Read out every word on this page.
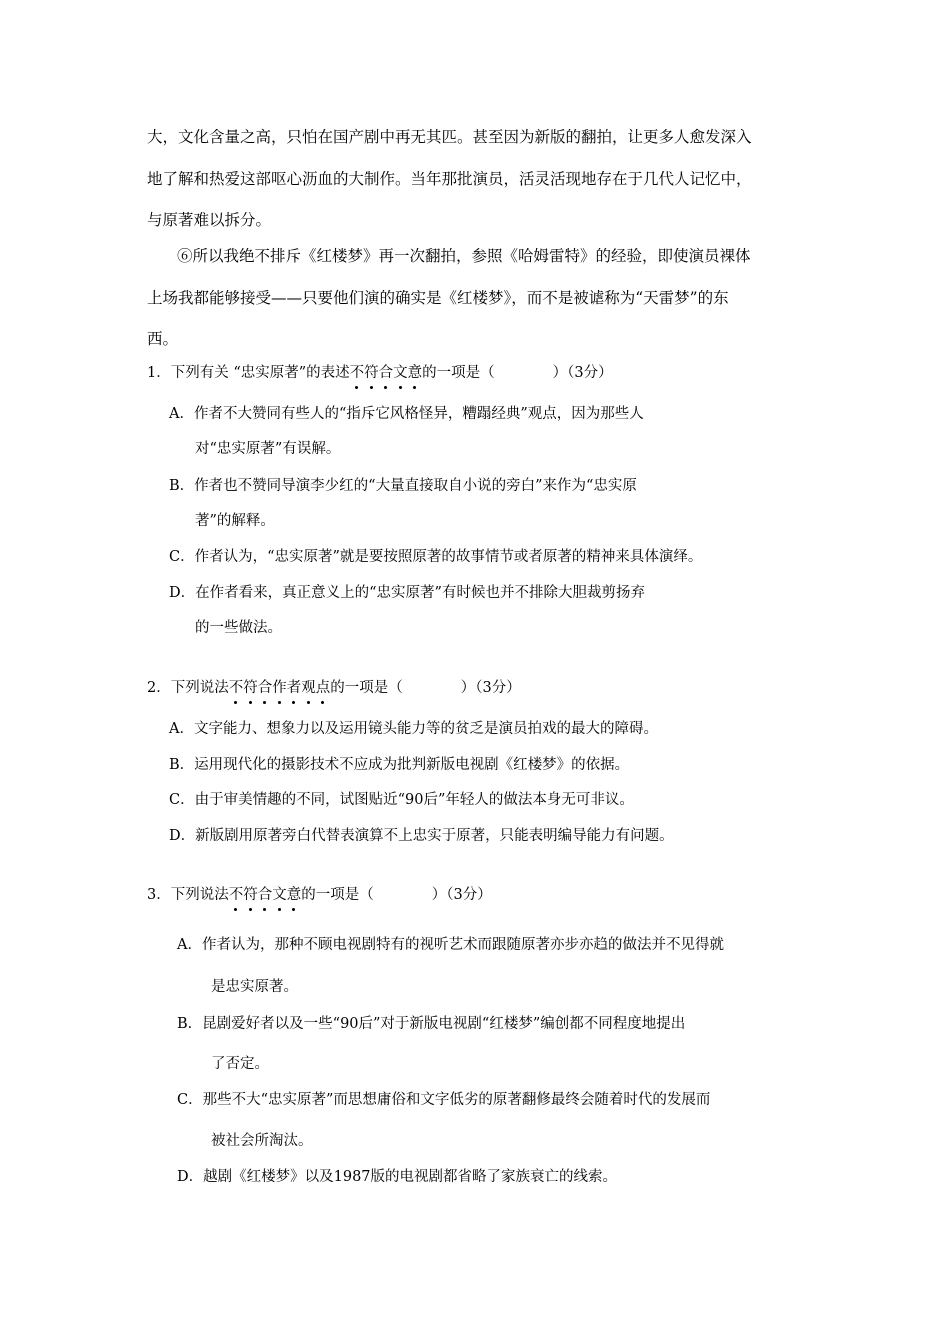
大，文化含量之高，只怕在国产剧中再无其匹。甚至因为新版的翻拍，让更多人愈发深入
地了解和热爱这部呕心沥血的大制作。当年那批演员，活灵活现地存在于几代人记忆中，
与原著难以拆分。
⑥所以我绝不排斥《红楼梦》再一次翻拍，参照《哈姆雷特》的经验，即使演员裸体
上场我都能够接受——只要他们演的确实是《红楼梦》，而不是被谑称为“天雷梦”的东
西。
1．下列有关 “忠实原著”的表述不符合文意的一项是（	）（3分）
A．作者不大赞同有些人的“指斥它风格怪异，糟蹋经典”观点，因为那些人
对“忠实原著”有误解。
B．作者也不赞同导演李少红的“大量直接取自小说的旁白”来作为“忠实原
著”的解释。
C．作者认为，“忠实原著”就是要按照原著的故事情节或者原著的精神来具体演绎。
D．在作者看来，真正意义上的“忠实原著”有时候也并不排除大胆裁剪扬弃
的一些做法。
2．下列说法不符合作者观点的一项是（	）（3分）
A．文字能力、想象力以及运用镜头能力等的贫乏是演员拍戏的最大的障碍。
B．运用现代化的摄影技术不应成为批判新版电视剧《红楼梦》的依据。
C．由于审美情趣的不同，试图贴近“90后”年轻人的做法本身无可非议。
D．新版剧用原著旁白代替表演算不上忠实于原著，只能表明编导能力有问题。
3．下列说法不符合文意的一项是（	）（3分）
A．作者认为，那种不顾电视剧特有的视听艺术而跟随原著亦步亦趋的做法并不见得就
是忠实原著。
B．昆剧爱好者以及一些“90后”对于新版电视剧“红楼梦”编创都不同程度地提出
了否定。
C．那些不大“忠实原著”而思想庸俗和文字低劣的原著翻修最终会随着时代的发展而
被社会所淘汰。
D．越剧《红楼梦》以及1987版的电视剧都省略了家族衰亡的线索。
